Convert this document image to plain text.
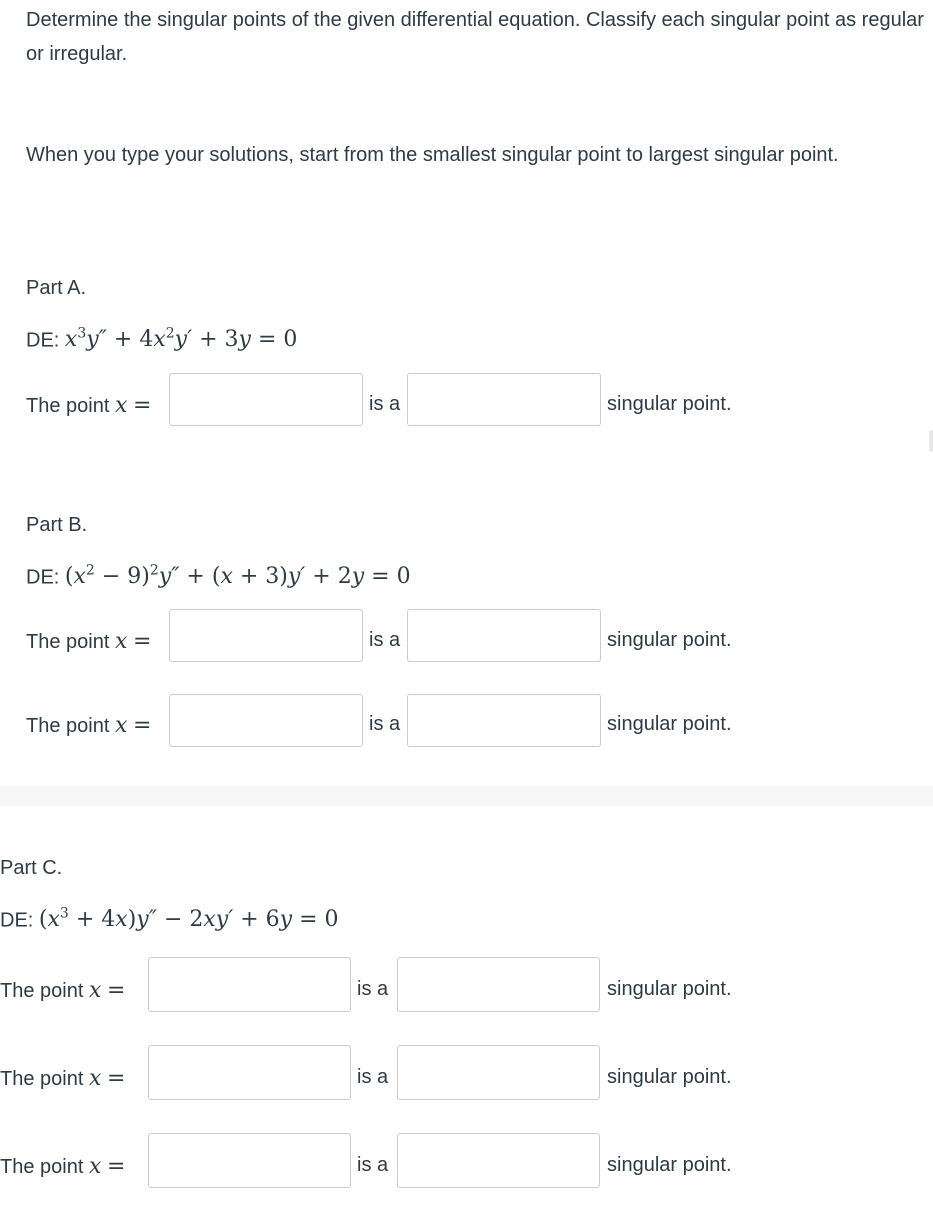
Determine the singular points of the given differential equation. Classify each singular point as regular or irregular.
When you type your solutions, start from the smallest singular point to largest singular point.
Part A.
DE: $x^3y'' + 4x^2y' + 3y = 0$
The point x =	is a	singular point.
Part B.
DE: $(x^2 - 9)^2y'' + (x + 3)y' + 2y = 0$
The point x =	is a	singular point.
The point x =	is a	singular point.
Part C.
DE: $(x^3 + 4x)y'' - 2xy' + 6y = 0$
The point x =	is a	singular point.
The point x =	is a	singular point.
The point x =	is a	singular point.
